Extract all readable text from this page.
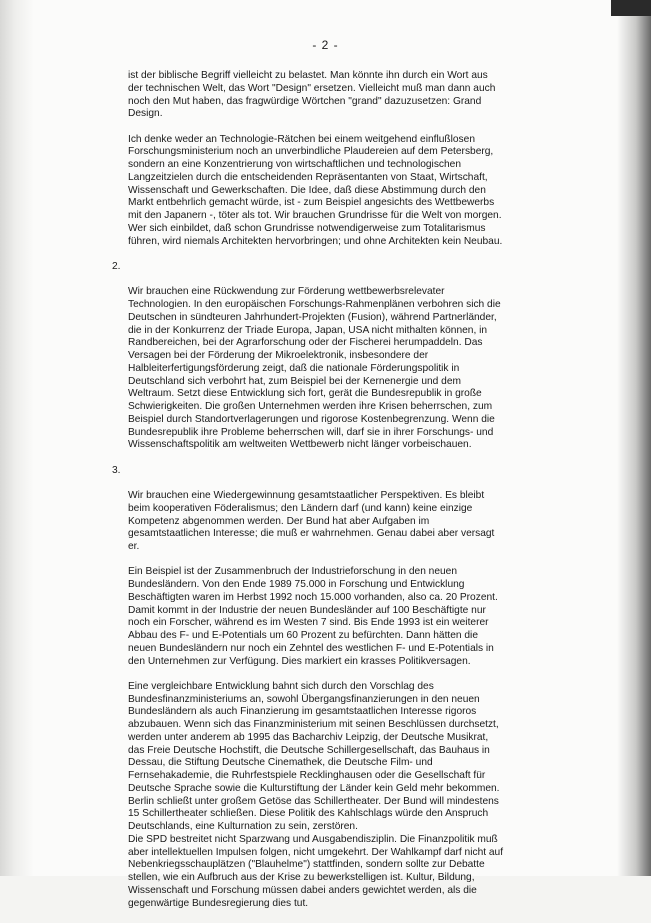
- 2 -

ist der biblische Begriff vielleicht zu belastet. Man könnte ihn durch ein Wort aus
der technischen Welt, das Wort "Design" ersetzen. Vielleicht muß man dann auch
noch den Mut haben, das fragwürdige Wörtchen "grand" dazuzusetzen: Grand
Design.

Ich denke weder an Technologie-Rätchen bei einem weitgehend einflußlosen
Forschungsministerium noch an unverbindliche Plaudereien auf dem Petersberg,
sondern an eine Konzentrierung von wirtschaftlichen und technologischen
Langzeitzielen durch die entscheidenden Repräsentanten von Staat, Wirtschaft,
Wissenschaft und Gewerkschaften. Die Idee, daß diese Abstimmung durch den
Markt entbehrlich gemacht würde, ist - zum Beispiel angesichts des Wettbewerbs
mit den Japanern -, töter als tot. Wir brauchen Grundrisse für die Welt von morgen.
Wer sich einbildet, daß schon Grundrisse notwendigerweise zum Totalitarismus
führen, wird niemals Architekten hervorbringen; und ohne Architekten kein Neubau.

2.

Wir brauchen eine Rückwendung zur Förderung wettbewerbsrelevater
Technologien. In den europäischen Forschungs-Rahmenplänen verbohren sich die
Deutschen in sündteuren Jahrhundert-Projekten (Fusion), während Partnerländer,
die in der Konkurrenz der Triade Europa, Japan, USA nicht mithalten können, in
Randbereichen, bei der Agrarforschung oder der Fischerei herumpaddeln. Das
Versagen bei der Förderung der Mikroelektronik, insbesondere der
Halbleiterfertigungsförderung zeigt, daß die nationale Förderungspolitik in
Deutschland sich verbohrt hat, zum Beispiel bei der Kernenergie und dem
Weltraum. Setzt diese Entwicklung sich fort, gerät die Bundesrepublik in große
Schwierigkeiten. Die großen Unternehmen werden ihre Krisen beherrschen, zum
Beispiel durch Standortverlagerungen und rigorose Kostenbegrenzung. Wenn die
Bundesrepublik ihre Probleme beherrschen will, darf sie in ihrer Forschungs- und
Wissenschaftspolitik am weltweiten Wettbewerb nicht länger vorbeischauen.

3.

Wir brauchen eine Wiedergewinnung gesamtstaatlicher Perspektiven. Es bleibt
beim kooperativen Föderalismus; den Ländern darf (und kann) keine einzige
Kompetenz abgenommen werden. Der Bund hat aber Aufgaben im
gesamtstaatlichen Interesse; die muß er wahrnehmen. Genau dabei aber versagt
er.

Ein Beispiel ist der Zusammenbruch der Industrieforschung in den neuen
Bundesländern. Von den Ende 1989 75.000 in Forschung und Entwicklung
Beschäftigten waren im Herbst 1992 noch 15.000 vorhanden, also ca. 20 Prozent.
Damit kommt in der Industrie der neuen Bundesländer auf 100 Beschäftigte nur
noch ein Forscher, während es im Westen 7 sind. Bis Ende 1993 ist ein weiterer
Abbau des F- und E-Potentials um 60 Prozent zu befürchten. Dann hätten die
neuen Bundesländern nur noch ein Zehntel des westlichen F- und E-Potentials in
den Unternehmen zur Verfügung. Dies markiert ein krasses Politikversagen.

Eine vergleichbare Entwicklung bahnt sich durch den Vorschlag des
Bundesfinanzministeriums an, sowohl Übergangsfinanzierungen in den neuen
Bundesländern als auch Finanzierung im gesamtstaatlichen Interesse rigoros
abzubauen. Wenn sich das Finanzministerium mit seinen Beschlüssen durchsetzt,
werden unter anderem ab 1995 das Bacharchiv Leipzig, der Deutsche Musikrat,
das Freie Deutsche Hochstift, die Deutsche Schillergesellschaft, das Bauhaus in
Dessau, die Stiftung Deutsche Cinemathek, die Deutsche Film- und
Fernsehakademie, die Ruhrfestspiele Recklinghausen oder die Gesellschaft für
Deutsche Sprache sowie die Kulturstiftung der Länder kein Geld mehr bekommen.
Berlin schließt unter großem Getöse das Schillertheater. Der Bund will mindestens
15 Schillertheater schließen. Diese Politik des Kahlschlags würde den Anspruch
Deutschlands, eine Kulturnation zu sein, zerstören.

Die SPD bestreitet nicht Sparzwang und Ausgabendisziplin. Die Finanzpolitik muß
aber intellektuellen Impulsen folgen, nicht umgekehrt. Der Wahlkampf darf nicht auf
Nebenkriegsschauplätzen ("Blauhelme") stattfinden, sondern sollte zur Debatte
stellen, wie ein Aufbruch aus der Krise zu bewerkstelligen ist. Kultur, Bildung,
Wissenschaft und Forschung müssen dabei anders gewichtet werden, als die
gegenwärtige Bundesregierung dies tut.
